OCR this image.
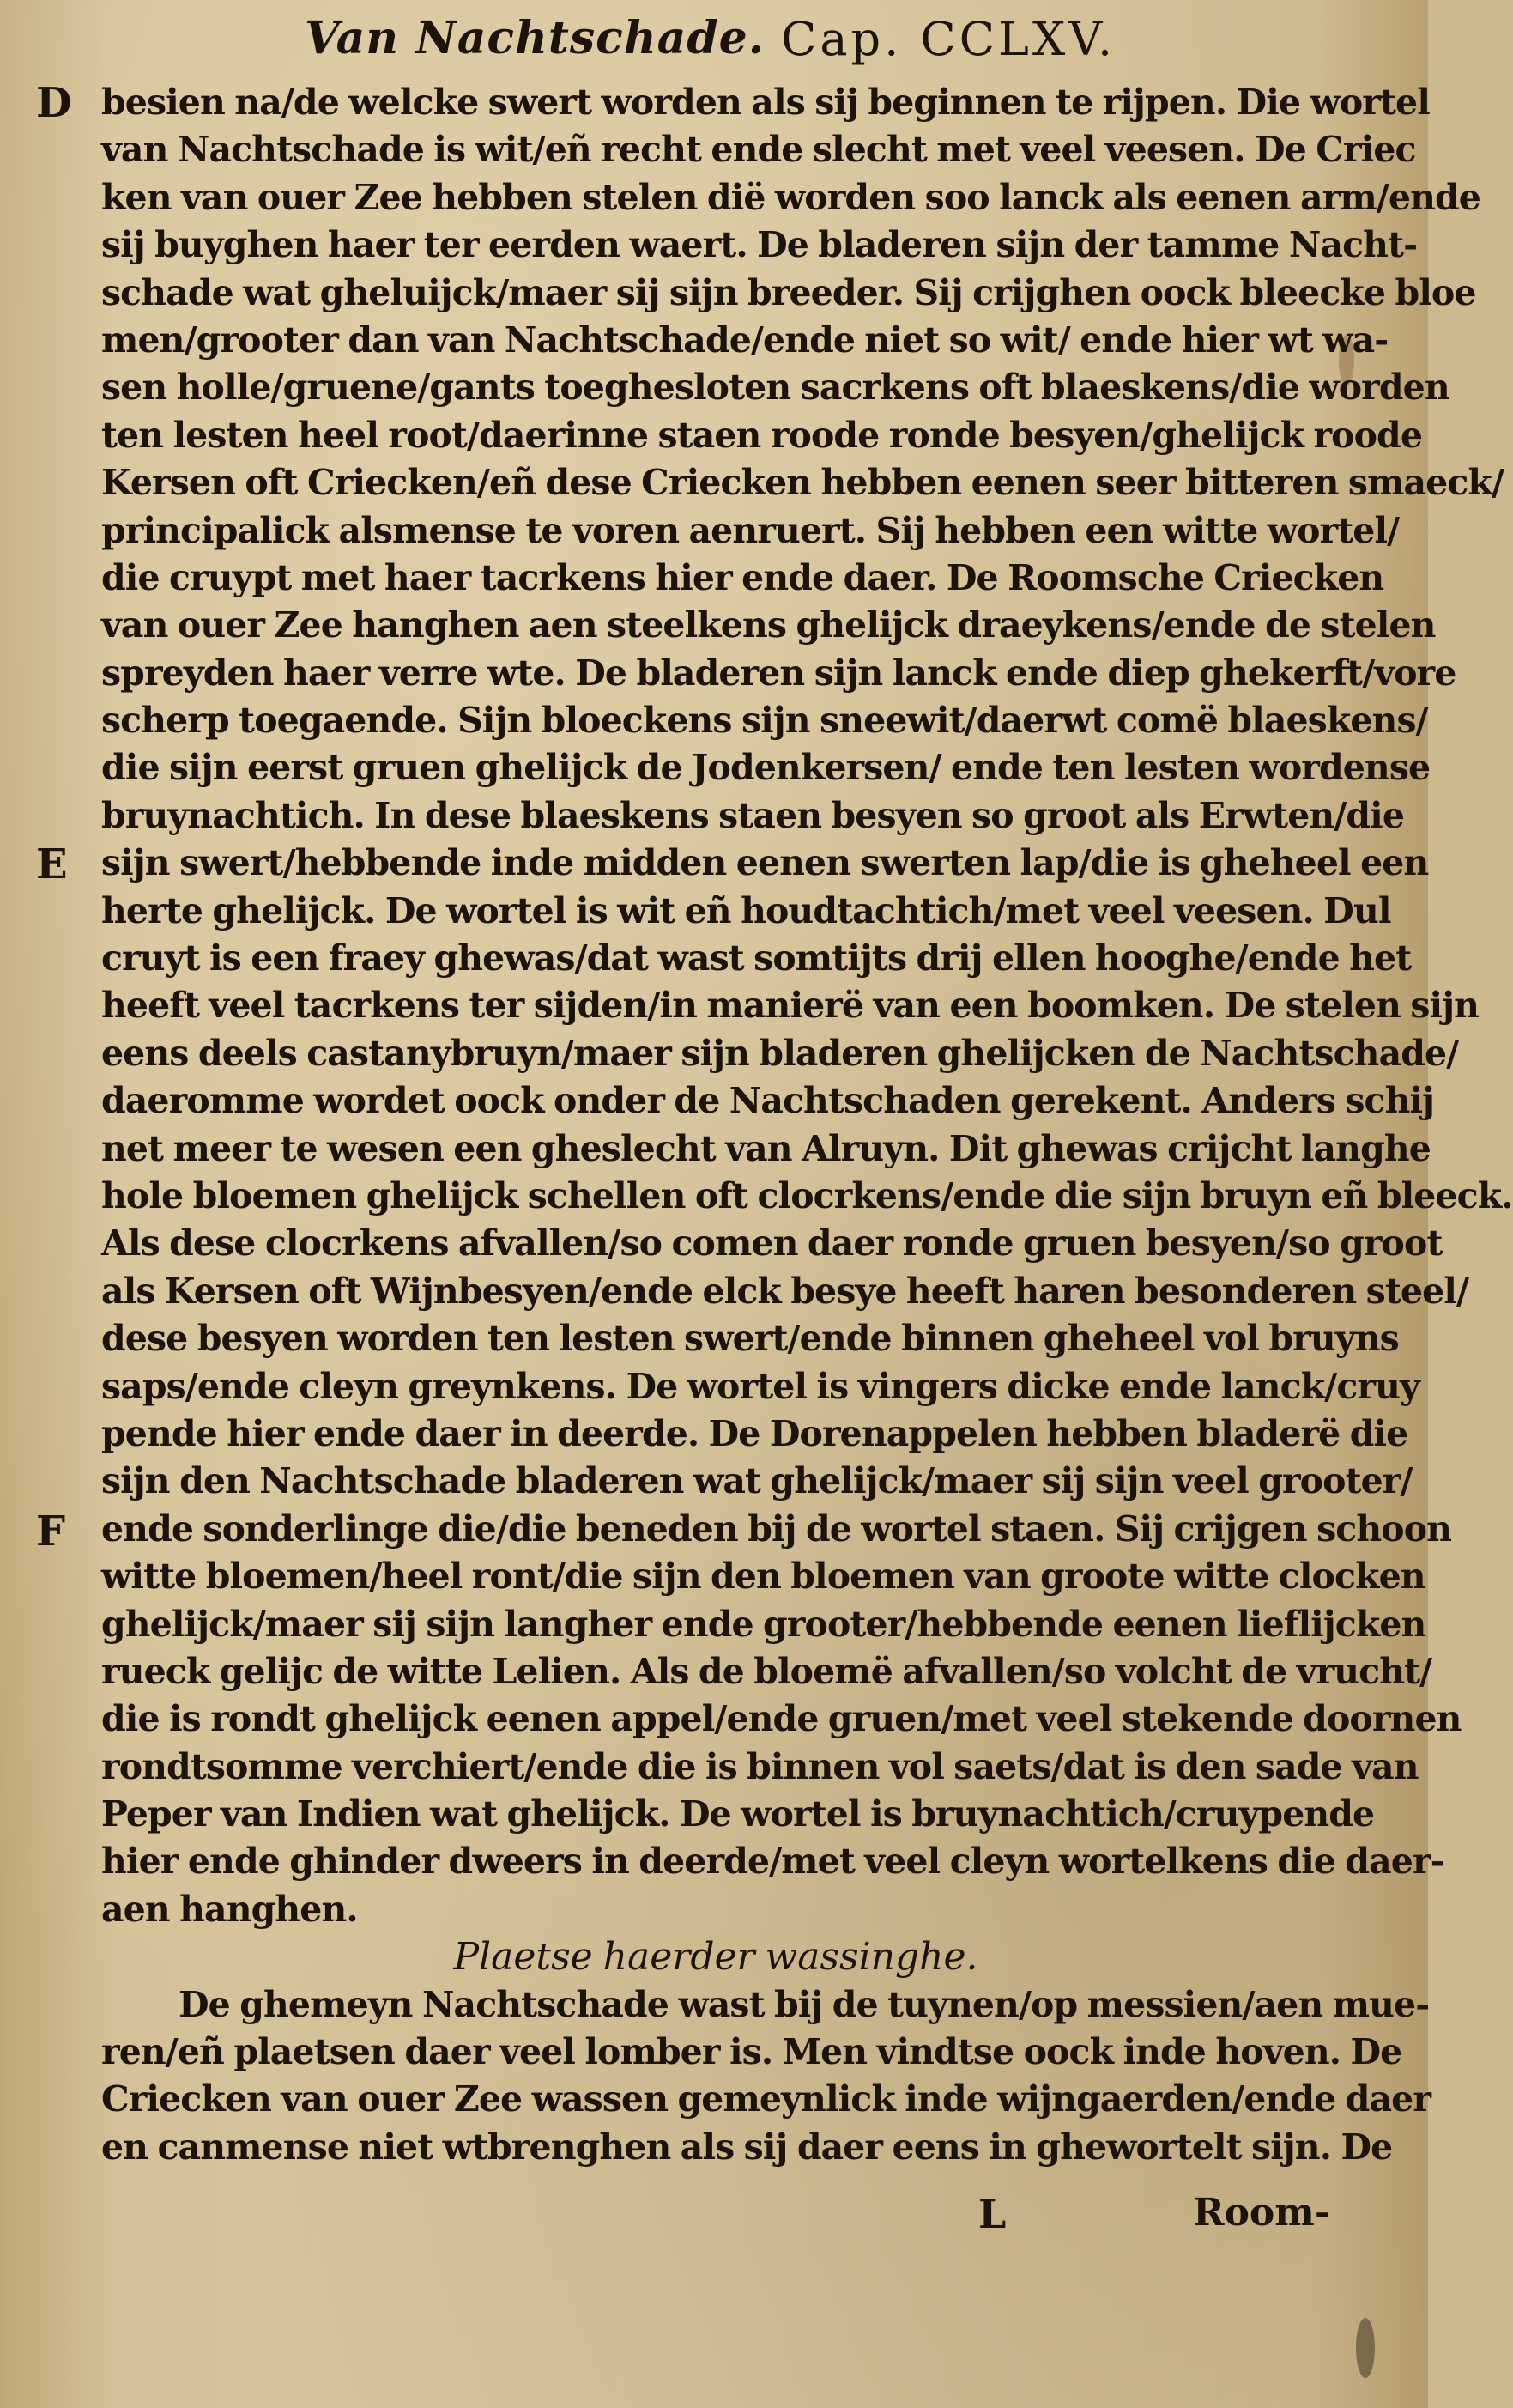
Van Nachtschade. Cap. CCLXV.
D
E
F
besien na/de welcke swert worden als sij beginnen te rijpen. Die wortel
van Nachtschade is wit/eñ recht ende slecht met veel veesen. De Criec
ken van ouer Zee hebben stelen dië worden soo lanck als eenen arm/ende
sij buyghen haer ter eerden waert. De bladeren sijn der tamme Nacht-
schade wat gheluijck/maer sij sijn breeder. Sij crijghen oock bleecke bloe
men/grooter dan van Nachtschade/ende niet so wit/ ende hier wt wa-
sen holle/gruene/gants toeghesloten sacrkens oft blaeskens/die worden
ten lesten heel root/daerinne staen roode ronde besyen/ghelijck roode
Kersen oft Criecken/eñ dese Criecken hebben eenen seer bitteren smaeck/
principalick alsmense te voren aenruert. Sij hebben een witte wortel/
die cruypt met haer tacrkens hier ende daer. De Roomsche Criecken
van ouer Zee hanghen aen steelkens ghelijck draeykens/ende de stelen
spreyden haer verre wte. De bladeren sijn lanck ende diep ghekerft/vore
scherp toegaende. Sijn bloeckens sijn sneewit/daerwt comë blaeskens/
die sijn eerst gruen ghelijck de Jodenkersen/ ende ten lesten wordense
bruynachtich. In dese blaeskens staen besyen so groot als Erwten/die
sijn swert/hebbende inde midden eenen swerten lap/die is gheheel een
herte ghelijck. De wortel is wit eñ houdtachtich/met veel veesen. Dul
cruyt is een fraey ghewas/dat wast somtijts drij ellen hooghe/ende het
heeft veel tacrkens ter sijden/in manierë van een boomken. De stelen sijn
eens deels castanybruyn/maer sijn bladeren ghelijcken de Nachtschade/
daeromme wordet oock onder de Nachtschaden gerekent. Anders schij
net meer te wesen een gheslecht van Alruyn. Dit ghewas crijcht langhe
hole bloemen ghelijck schellen oft clocrkens/ende die sijn bruyn eñ bleeck.
Als dese clocrkens afvallen/so comen daer ronde gruen besyen/so groot
als Kersen oft Wijnbesyen/ende elck besye heeft haren besonderen steel/
dese besyen worden ten lesten swert/ende binnen gheheel vol bruyns
saps/ende cleyn greynkens. De wortel is vingers dicke ende lanck/cruy
pende hier ende daer in deerde. De Dorenappelen hebben bladerë die
sijn den Nachtschade bladeren wat ghelijck/maer sij sijn veel grooter/
ende sonderlinge die/die beneden bij de wortel staen. Sij crijgen schoon
witte bloemen/heel ront/die sijn den bloemen van groote witte clocken
ghelijck/maer sij sijn langher ende grooter/hebbende eenen lieflijcken
rueck gelijc de witte Lelien. Als de bloemë afvallen/so volcht de vrucht/
die is rondt ghelijck eenen appel/ende gruen/met veel stekende doornen
rondtsomme verchiert/ende die is binnen vol saets/dat is den sade van
Peper van Indien wat ghelijck. De wortel is bruynachtich/cruypende
hier ende ghinder dweers in deerde/met veel cleyn wortelkens die daer-
aen hanghen.
Plaetse haerder wassinghe.
De ghemeyn Nachtschade wast bij de tuynen/op messien/aen mue-
ren/eñ plaetsen daer veel lomber is. Men vindtse oock inde hoven. De
Criecken van ouer Zee wassen gemeynlick inde wijngaerden/ende daer
en canmense niet wtbrenghen als sij daer eens in ghewortelt sijn. De
L	Room-
